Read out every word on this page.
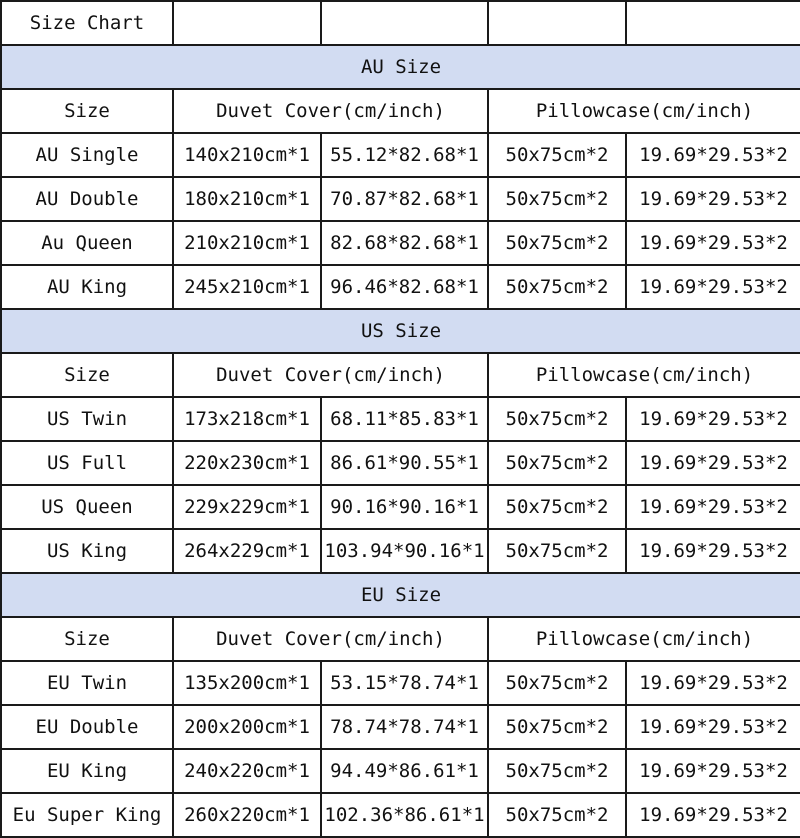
Size Chart				
AU Size				
Size	Duvet Cover(cm/inch)		Pillowcase(cm/inch)	
AU Single	140x210cm*1	55.12*82.68*1	50x75cm*2	19.69*29.53*2
AU Double	180x210cm*1	70.87*82.68*1	50x75cm*2	19.69*29.53*2
Au Queen	210x210cm*1	82.68*82.68*1	50x75cm*2	19.69*29.53*2
AU King	245x210cm*1	96.46*82.68*1	50x75cm*2	19.69*29.53*2
US Size				
Size	Duvet Cover(cm/inch)		Pillowcase(cm/inch)	
US Twin	173x218cm*1	68.11*85.83*1	50x75cm*2	19.69*29.53*2
US Full	220x230cm*1	86.61*90.55*1	50x75cm*2	19.69*29.53*2
US Queen	229x229cm*1	90.16*90.16*1	50x75cm*2	19.69*29.53*2
US King	264x229cm*1	103.94*90.16*1	50x75cm*2	19.69*29.53*2
EU Size				
Size	Duvet Cover(cm/inch)		Pillowcase(cm/inch)	
EU Twin	135x200cm*1	53.15*78.74*1	50x75cm*2	19.69*29.53*2
EU Double	200x200cm*1	78.74*78.74*1	50x75cm*2	19.69*29.53*2
EU King	240x220cm*1	94.49*86.61*1	50x75cm*2	19.69*29.53*2
Eu Super King	260x220cm*1	102.36*86.61*1	50x75cm*2	19.69*29.53*2
